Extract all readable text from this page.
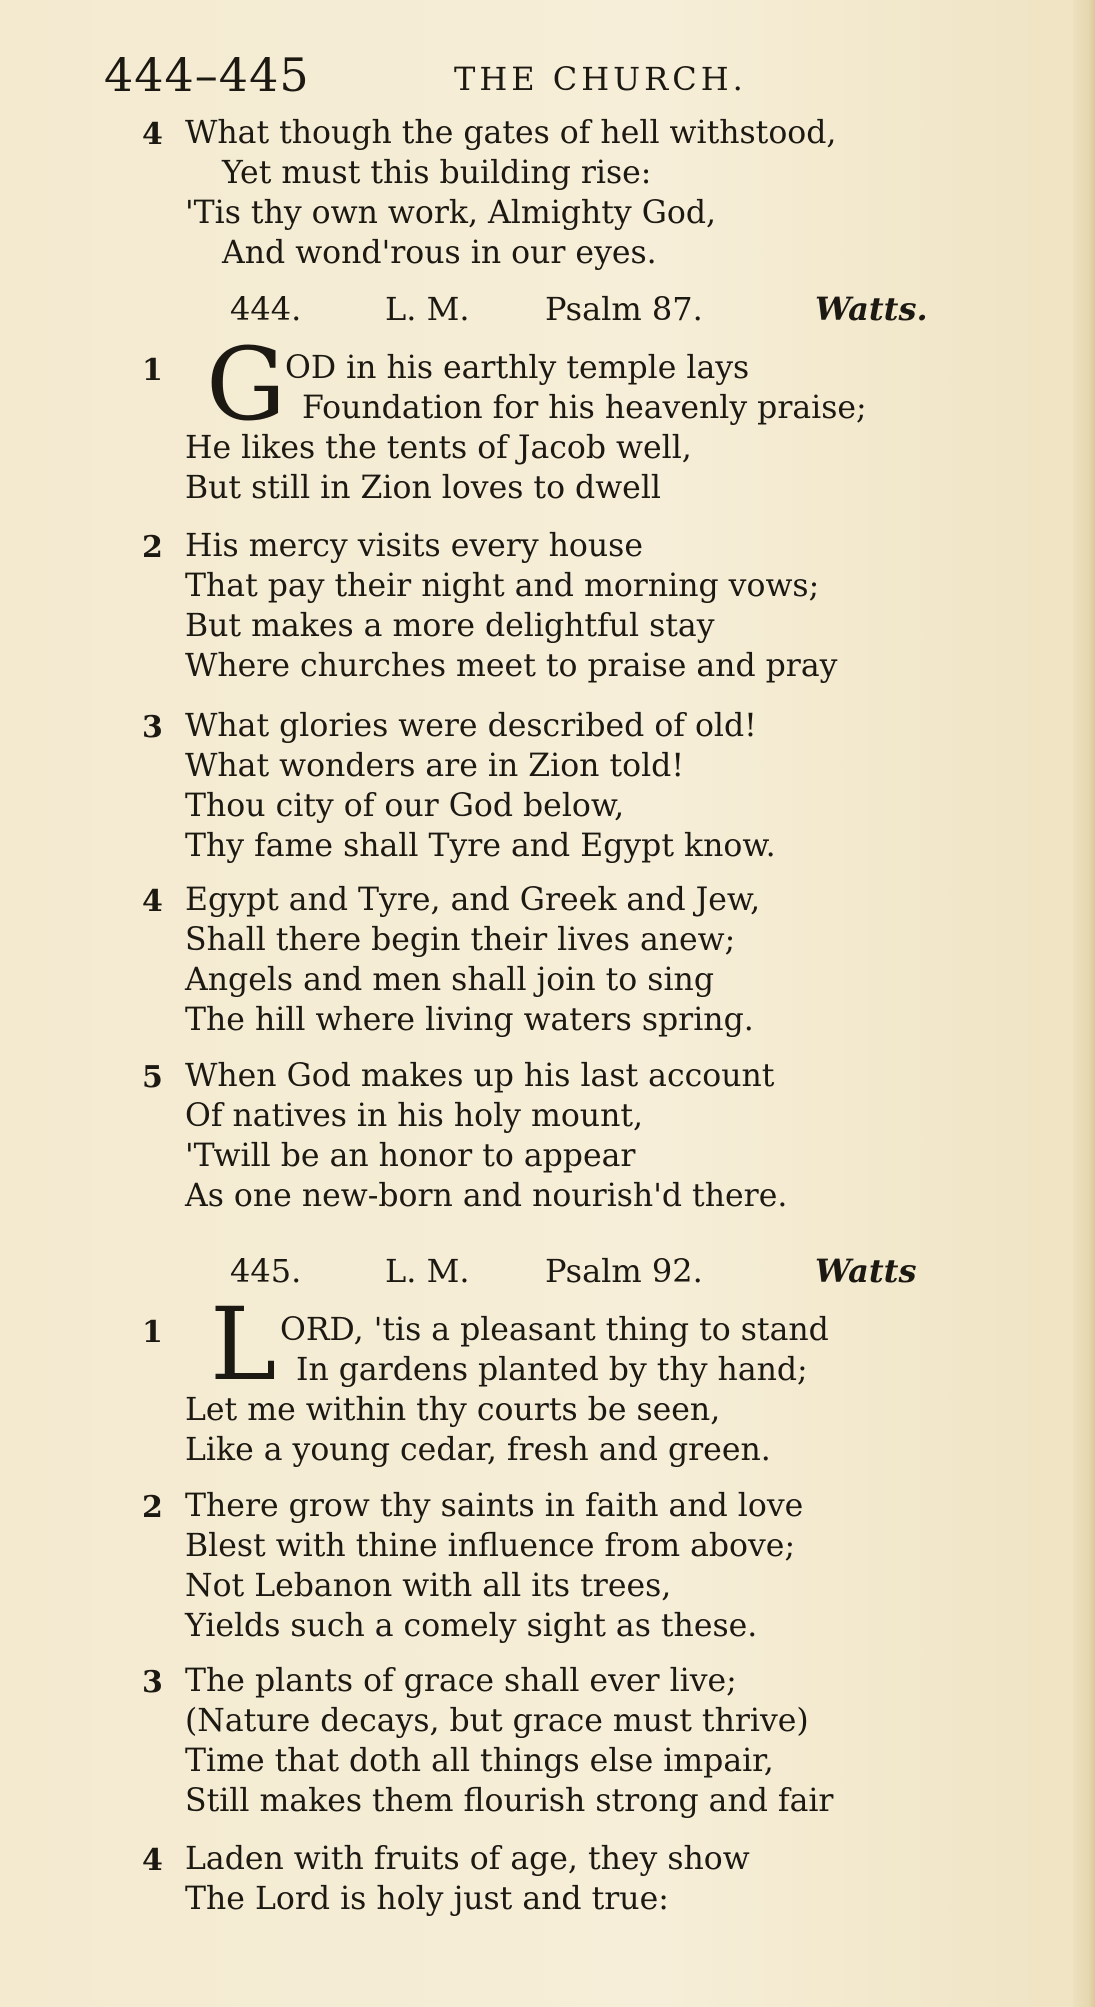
444–445	THE CHURCH.
4 What though the gates of hell withstood,
Yet must this building rise:
'Tis thy own work, Almighty God,
And wond'rous in our eyes.
444.	L. M. Psalm 87.	Watts.
1 G OD in his earthly temple lays
Foundation for his heavenly praise;
He likes the tents of Jacob well,
But still in Zion loves to dwell
2 His mercy visits every house
That pay their night and morning vows;
But makes a more delightful stay
Where churches meet to praise and pray
3 What glories were described of old!
What wonders are in Zion told!
Thou city of our God below,
Thy fame shall Tyre and Egypt know.
4 Egypt and Tyre, and Greek and Jew,
Shall there begin their lives anew;
Angels and men shall join to sing
The hill where living waters spring.
5 When God makes up his last account
Of natives in his holy mount,
'Twill be an honor to appear
As one new-born and nourish'd there.
445.	L. M. Psalm 92.	Watts
1 L ORD, 'tis a pleasant thing to stand
In gardens planted by thy hand;
Let me within thy courts be seen,
Like a young cedar, fresh and green.
2 There grow thy saints in faith and love
Blest with thine influence from above;
Not Lebanon with all its trees,
Yields such a comely sight as these.
3 The plants of grace shall ever live;
(Nature decays, but grace must thrive)
Time that doth all things else impair,
Still makes them flourish strong and fair
4 Laden with fruits of age, they show
The Lord is holy just and true:
